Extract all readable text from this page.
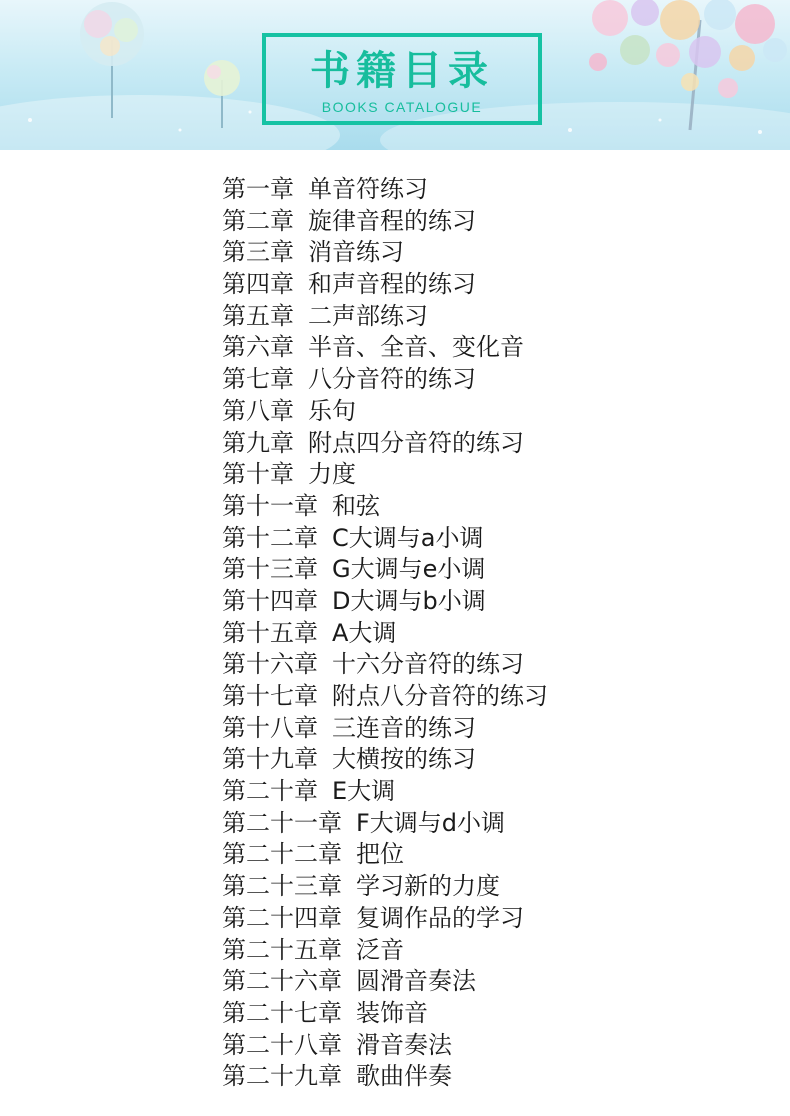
书籍目录
BOOKS CATALOGUE
第一章 单音符练习
第二章 旋律音程的练习
第三章 消音练习
第四章 和声音程的练习
第五章 二声部练习
第六章 半音、全音、变化音
第七章 八分音符的练习
第八章 乐句
第九章 附点四分音符的练习
第十章 力度
第十一章 和弦
第十二章 C大调与a小调
第十三章 G大调与e小调
第十四章 D大调与b小调
第十五章 A大调
第十六章 十六分音符的练习
第十七章 附点八分音符的练习
第十八章 三连音的练习
第十九章 大横按的练习
第二十章 E大调
第二十一章 F大调与d小调
第二十二章 把位
第二十三章 学习新的力度
第二十四章 复调作品的学习
第二十五章 泛音
第二十六章 圆滑音奏法
第二十七章 装饰音
第二十八章 滑音奏法
第二十九章 歌曲伴奏
